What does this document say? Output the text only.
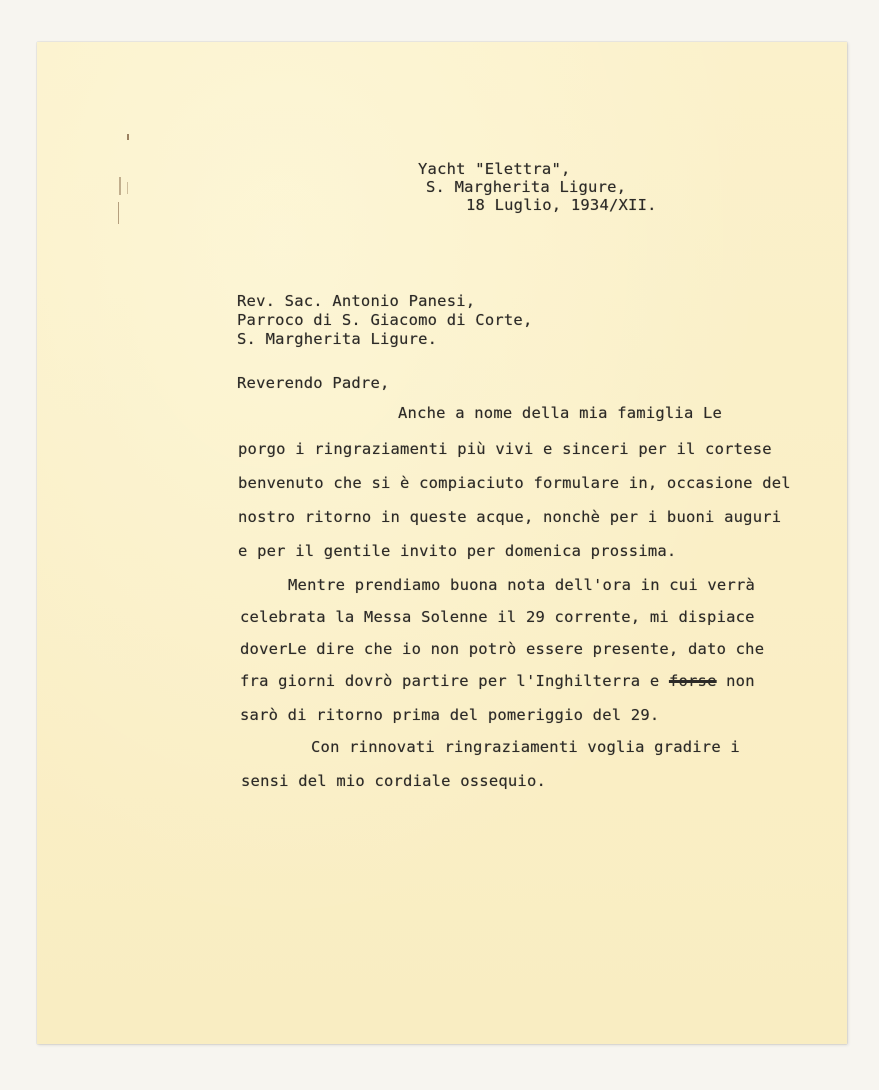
Yacht "Elettra",

S. Margherita Ligure,

18 Luglio, 1934/XII.

Rev. Sac. Antonio Panesi,

Parroco di S. Giacomo di Corte,

S. Margherita Ligure.

Reverendo Padre,

Anche a nome della mia famiglia Le

porgo i ringraziamenti più vivi e sinceri per il cortese

benvenuto che si è compiaciuto formulare in, occasione del

nostro ritorno in queste acque, nonchè per i buoni auguri

e per il gentile invito per domenica prossima.

Mentre prendiamo buona nota dell'ora in cui verrà

celebrata la Messa Solenne il 29 corrente, mi dispiace

doverLe dire che io non potrò essere presente, dato che

fra giorni dovrò partire per l'Inghilterra e forse non

sarò di ritorno prima del pomeriggio del 29.

Con rinnovati ringraziamenti voglia gradire i

sensi del mio cordiale ossequio.
